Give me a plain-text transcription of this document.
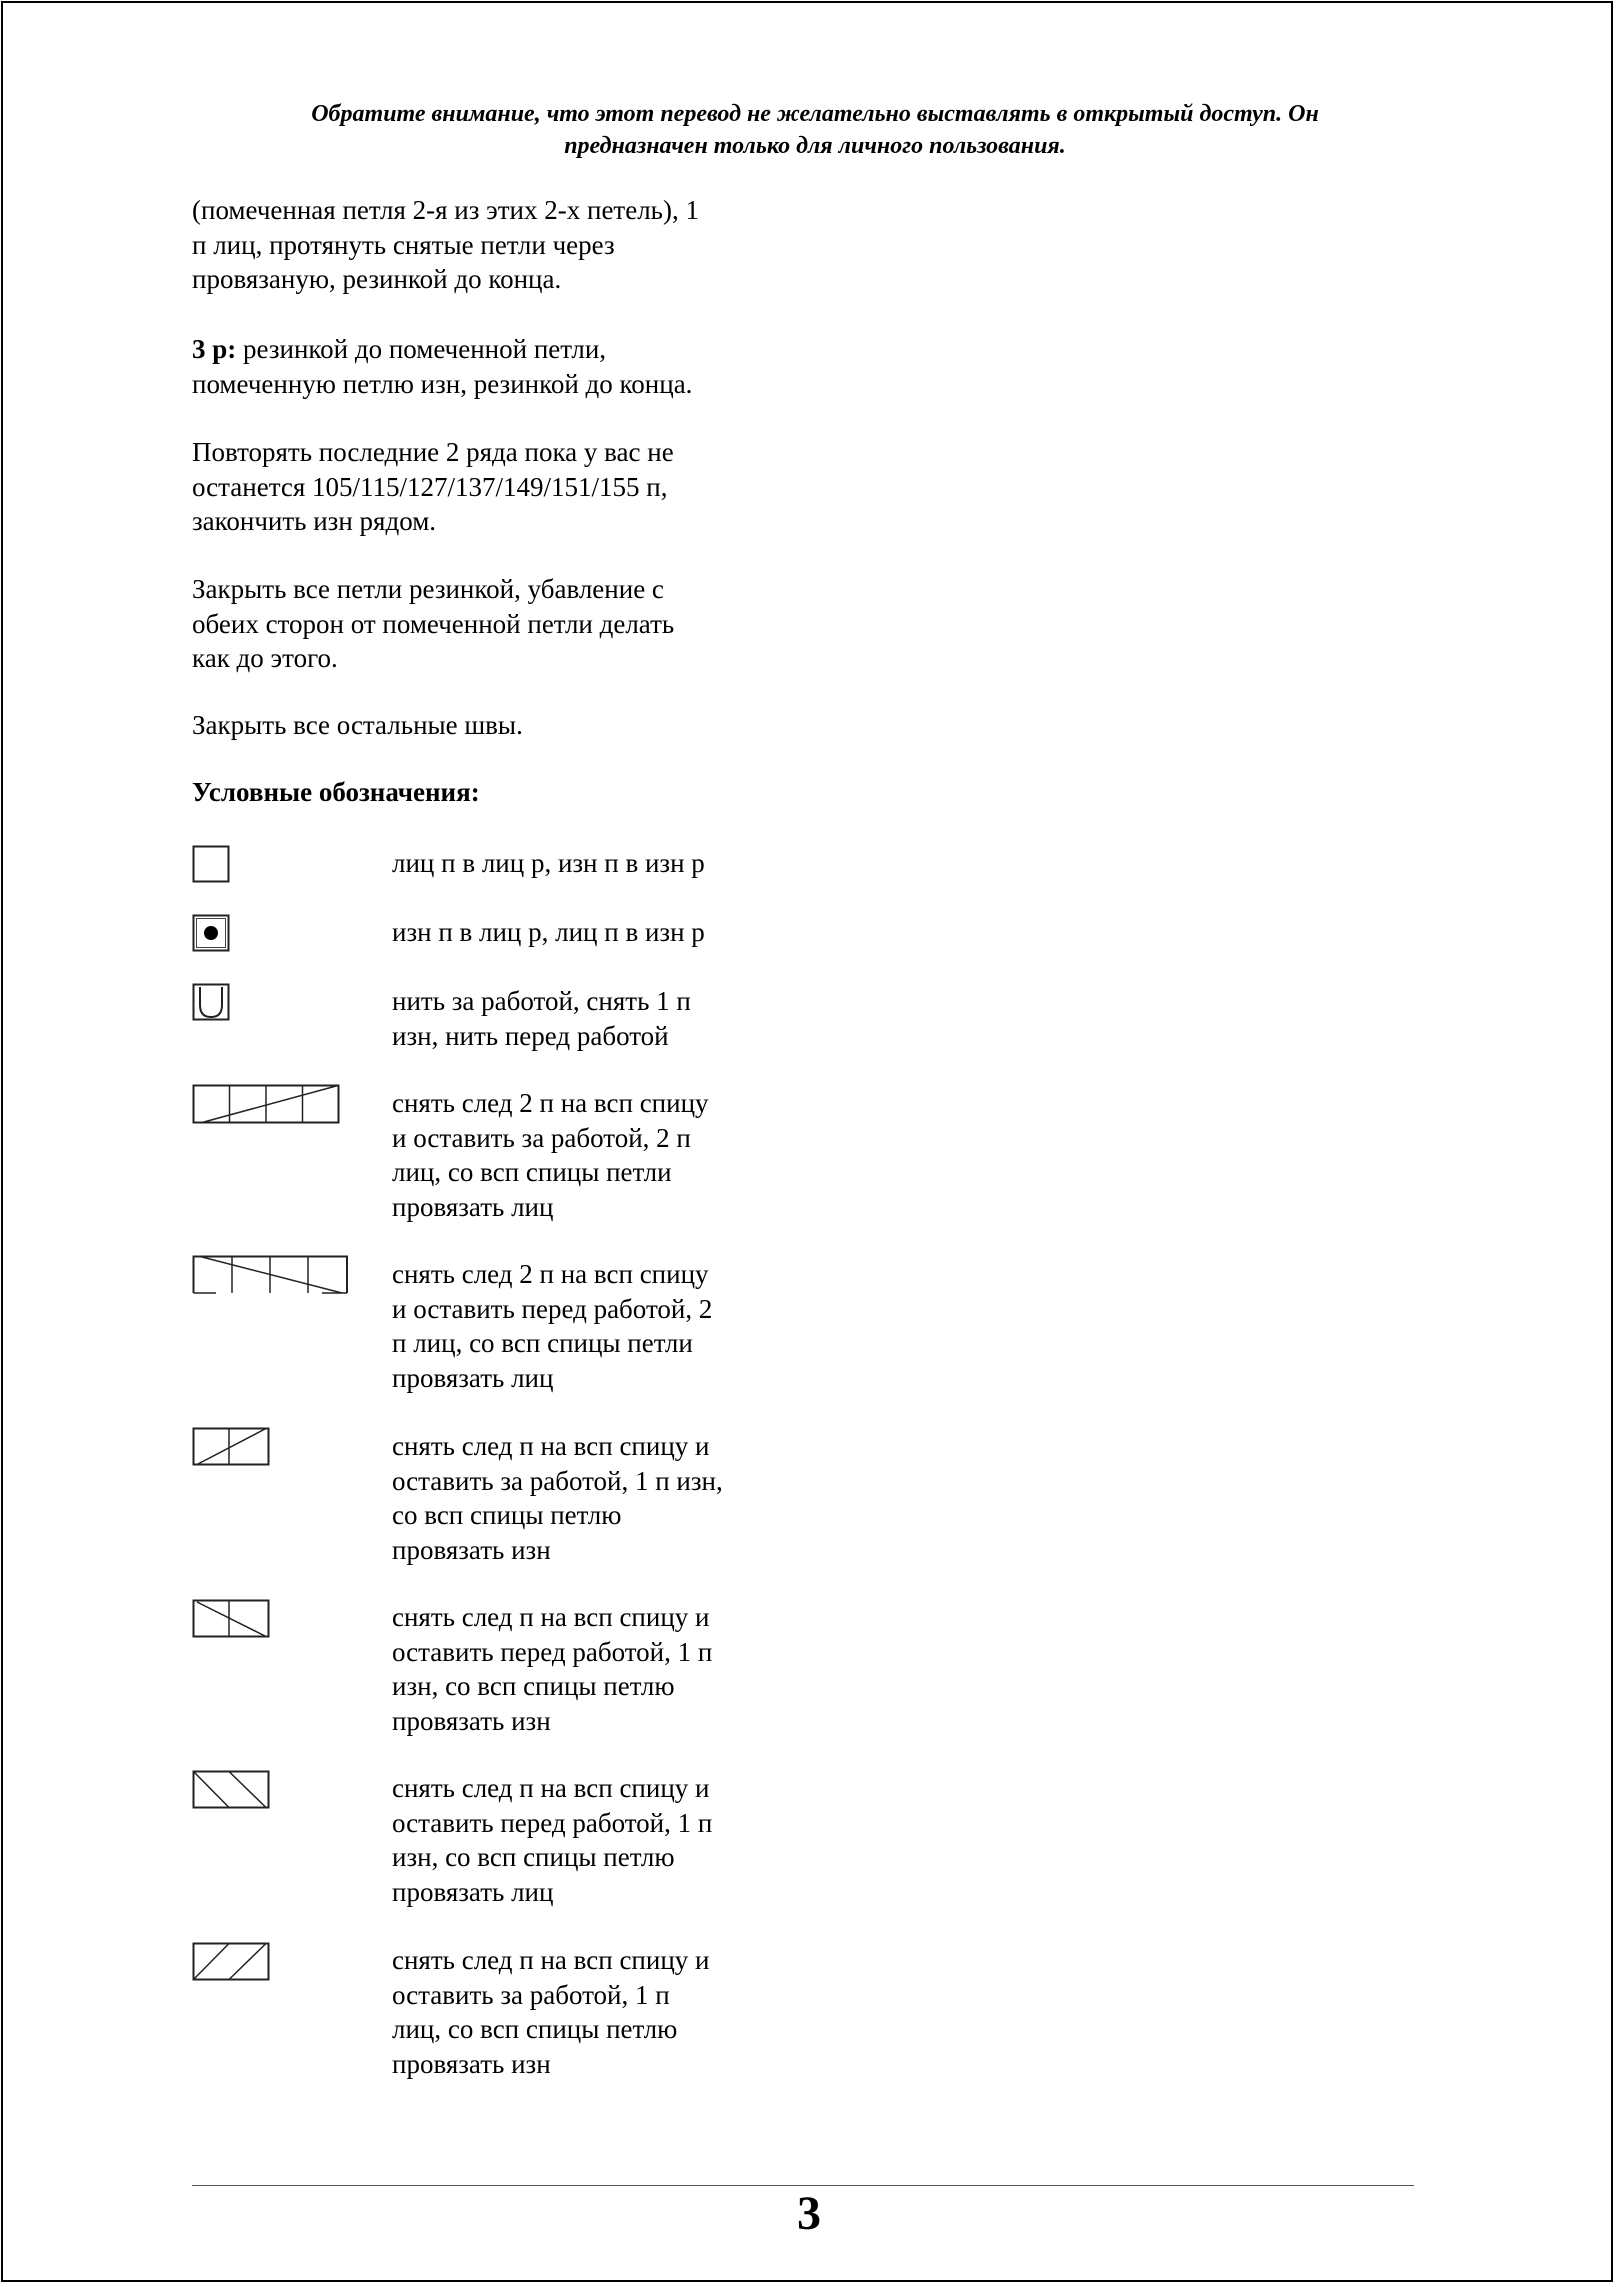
Обратите внимание, что этот перевод не желательно выставлять в открытый доступ. Он
предназначен только для личного пользования.
(помеченная петля 2-я из этих 2-х петель), 1
п лиц, протянуть снятые петли через
провязаную, резинкой до конца.
3 р: резинкой до помеченной петли,
помеченную петлю изн, резинкой до конца.
Повторять последние 2 ряда пока у вас не
останется 105/115/127/137/149/151/155 п,
закончить изн рядом.
Закрыть все петли резинкой, убавление с
обеих сторон от помеченной петли делать
как до этого.
Закрыть все остальные швы.
Условные обозначения:
лиц п в лиц р, изн п в изн р
изн п в лиц р, лиц п в изн р
нить за работой, снять 1 п
изн, нить перед работой
снять след 2 п на всп спицу
и оставить за работой, 2 п
лиц, со всп спицы петли
провязать лиц
снять след 2 п на всп спицу
и оставить перед работой, 2
п лиц, со всп спицы петли
провязать лиц
снять след п на всп спицу и
оставить за работой, 1 п изн,
со всп спицы петлю
провязать изн
снять след п на всп спицу и
оставить перед работой, 1 п
изн, со всп спицы петлю
провязать изн
снять след п на всп спицу и
оставить перед работой, 1 п
изн, со всп спицы петлю
провязать лиц
снять след п на всп спицу и
оставить за работой, 1 п
лиц, со всп спицы петлю
провязать изн
3
